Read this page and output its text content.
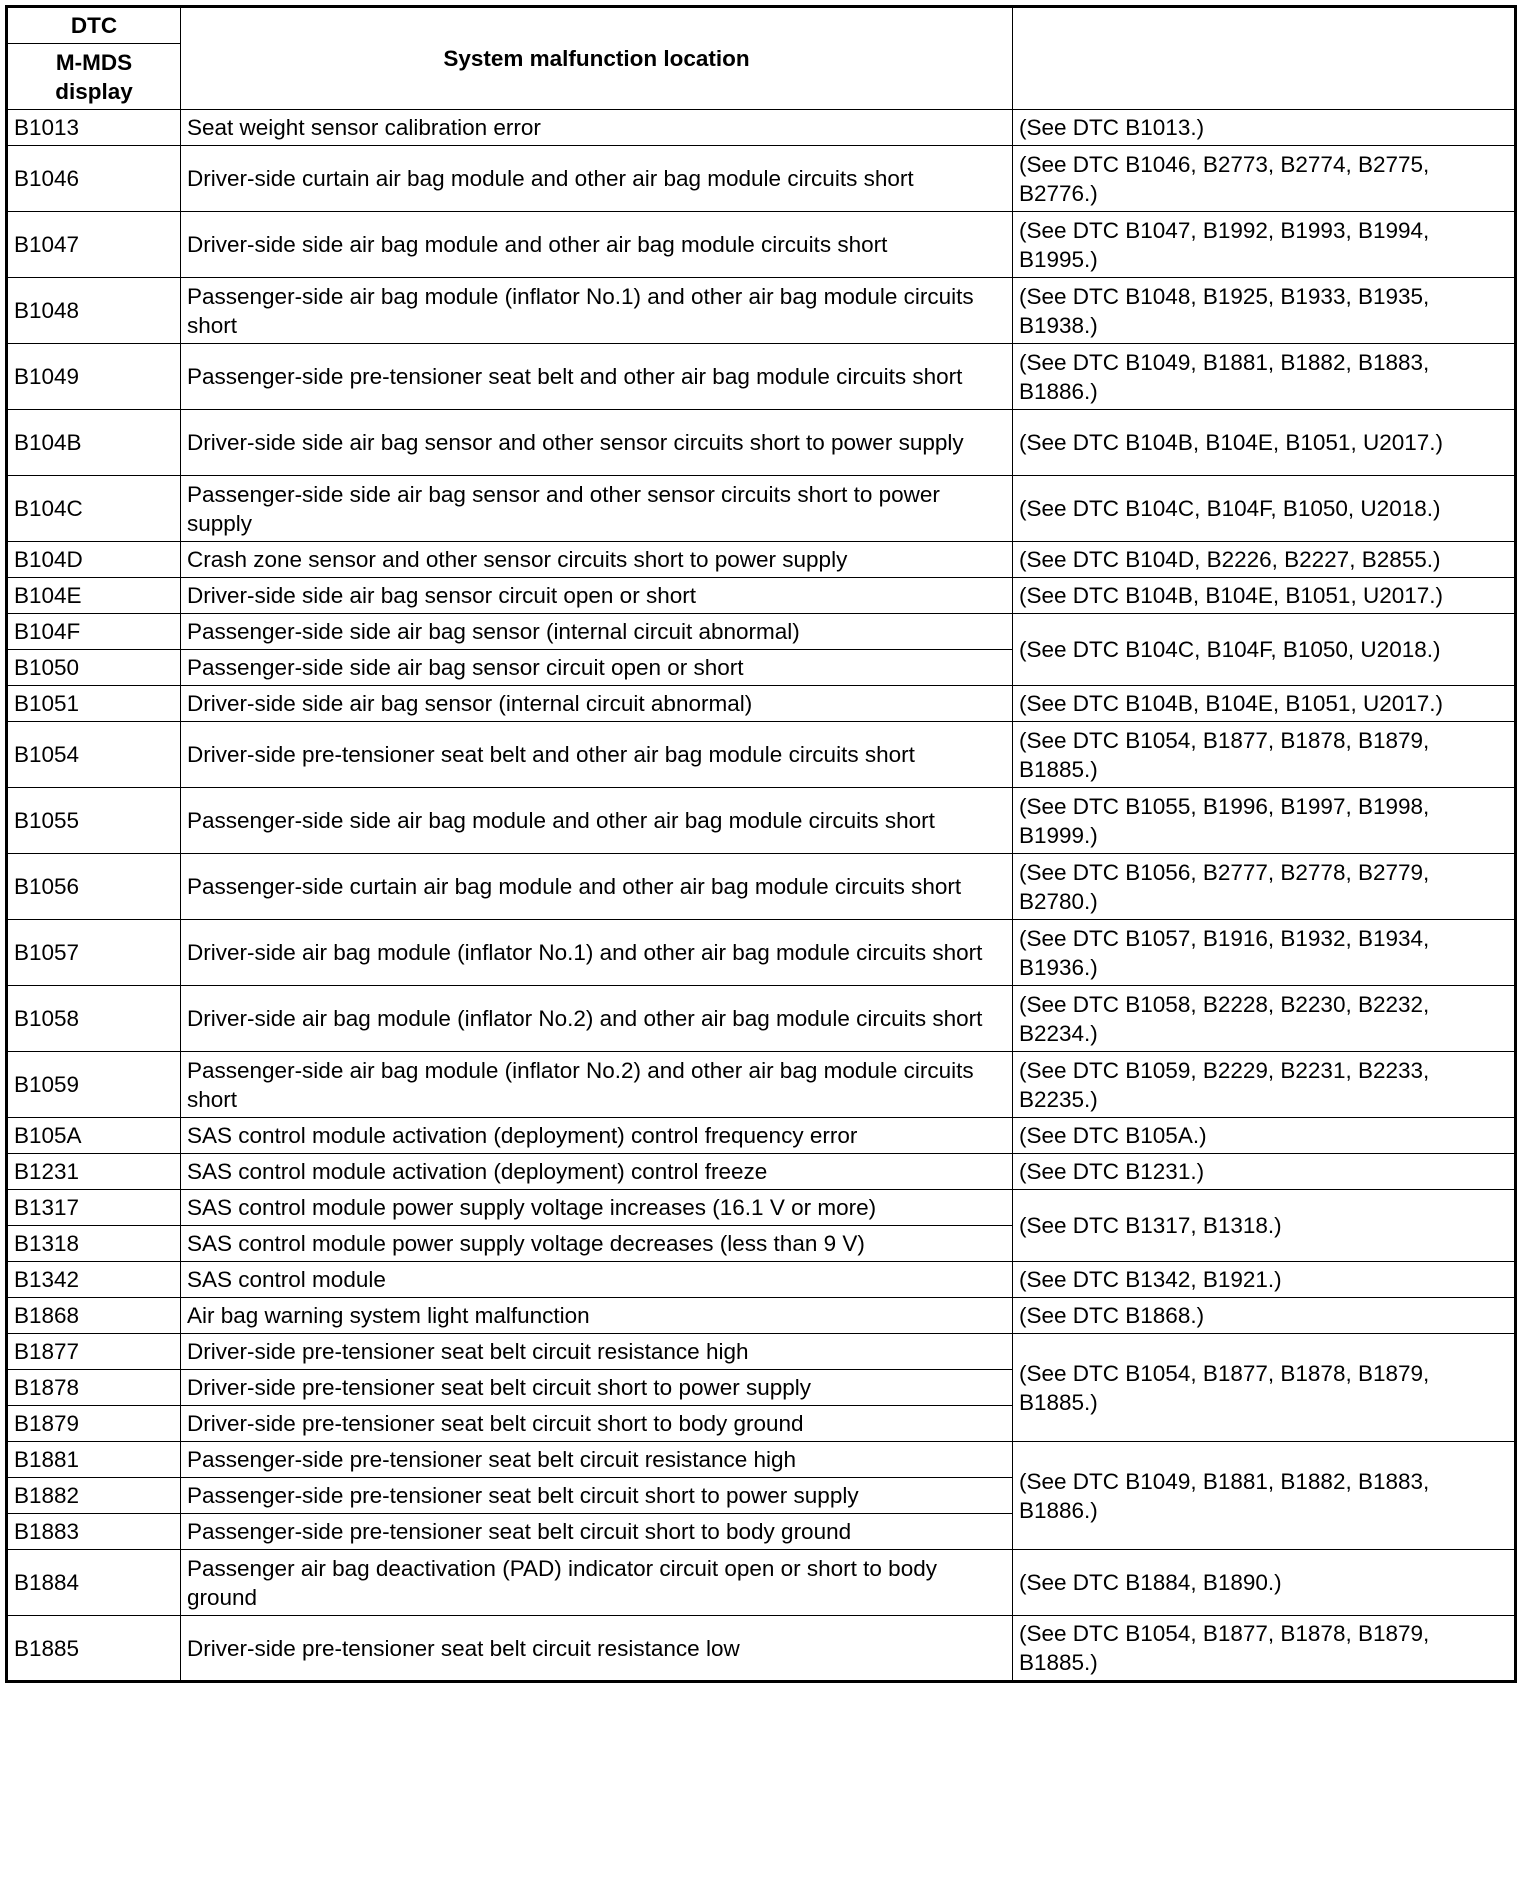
DTC	System malfunction location	
M-MDS display		
B1013	Seat weight sensor calibration error	(See DTC B1013.)
B1046	Driver-side curtain air bag module and other air bag module circuits short	(See DTC B1046, B2773, B2774, B2775, B2776.)
B1047	Driver-side side air bag module and other air bag module circuits short	(See DTC B1047, B1992, B1993, B1994, B1995.)
B1048	Passenger-side air bag module (inflator No.1) and other air bag module circuits short	(See DTC B1048, B1925, B1933, B1935, B1938.)
B1049	Passenger-side pre-tensioner seat belt and other air bag module circuits short	(See DTC B1049, B1881, B1882, B1883, B1886.)
B104B	Driver-side side air bag sensor and other sensor circuits short to power supply	(See DTC B104B, B104E, B1051, U2017.)
B104C	Passenger-side side air bag sensor and other sensor circuits short to power supply	(See DTC B104C, B104F, B1050, U2018.)
B104D	Crash zone sensor and other sensor circuits short to power supply	(See DTC B104D, B2226, B2227, B2855.)
B104E	Driver-side side air bag sensor circuit open or short	(See DTC B104B, B104E, B1051, U2017.)
B104F	Passenger-side side air bag sensor (internal circuit abnormal)	(See DTC B104C, B104F, B1050, U2018.)
B1050	Passenger-side side air bag sensor circuit open or short	
B1051	Driver-side side air bag sensor (internal circuit abnormal)	(See DTC B104B, B104E, B1051, U2017.)
B1054	Driver-side pre-tensioner seat belt and other air bag module circuits short	(See DTC B1054, B1877, B1878, B1879, B1885.)
B1055	Passenger-side side air bag module and other air bag module circuits short	(See DTC B1055, B1996, B1997, B1998, B1999.)
B1056	Passenger-side curtain air bag module and other air bag module circuits short	(See DTC B1056, B2777, B2778, B2779, B2780.)
B1057	Driver-side air bag module (inflator No.1) and other air bag module circuits short	(See DTC B1057, B1916, B1932, B1934, B1936.)
B1058	Driver-side air bag module (inflator No.2) and other air bag module circuits short	(See DTC B1058, B2228, B2230, B2232, B2234.)
B1059	Passenger-side air bag module (inflator No.2) and other air bag module circuits short	(See DTC B1059, B2229, B2231, B2233, B2235.)
B105A	SAS control module activation (deployment) control frequency error	(See DTC B105A.)
B1231	SAS control module activation (deployment) control freeze	(See DTC B1231.)
B1317	SAS control module power supply voltage increases (16.1 V or more)	(See DTC B1317, B1318.)
B1318	SAS control module power supply voltage decreases (less than 9 V)	
B1342	SAS control module	(See DTC B1342, B1921.)
B1868	Air bag warning system light malfunction	(See DTC B1868.)
B1877	Driver-side pre-tensioner seat belt circuit resistance high	(See DTC B1054, B1877, B1878, B1879, B1885.)
B1878	Driver-side pre-tensioner seat belt circuit short to power supply	
B1879	Driver-side pre-tensioner seat belt circuit short to body ground	
B1881	Passenger-side pre-tensioner seat belt circuit resistance high	(See DTC B1049, B1881, B1882, B1883, B1886.)
B1882	Passenger-side pre-tensioner seat belt circuit short to power supply	
B1883	Passenger-side pre-tensioner seat belt circuit short to body ground	
B1884	Passenger air bag deactivation (PAD) indicator circuit open or short to body ground	(See DTC B1884, B1890.)
B1885	Driver-side pre-tensioner seat belt circuit resistance low	(See DTC B1054, B1877, B1878, B1879, B1885.)
